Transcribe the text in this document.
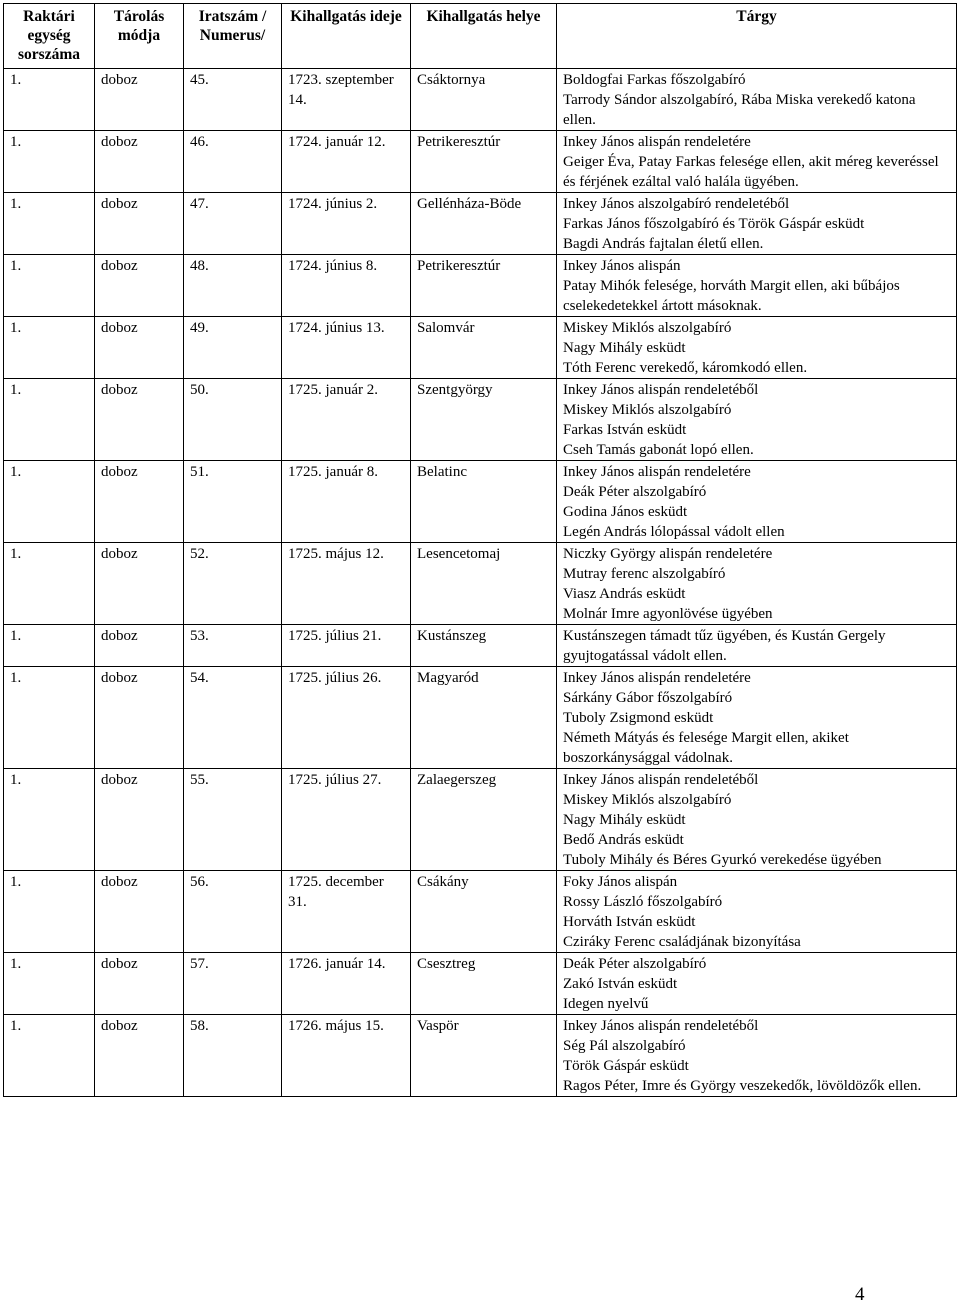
Raktári egység sorszáma	Tárolás módja	Iratszám / Numerus/	Kihallgatás ideje	Kihallgatás helye	Tárgy
1.	doboz	45.	1723. szeptember 14.	Csáktornya	Boldogfai Farkas főszolgabíró
Tarrody Sándor alszolgabíró, Rába Miska verekedő katona ellen.

1.	doboz	46.	1724. január 12.	Petrikeresztúr	Inkey János alispán rendeletére
Geiger Éva, Patay Farkas felesége ellen, akit méreg keveréssel és férjének ezáltal való halála ügyében.

1.	doboz	47.	1724. június 2.	Gellénháza-Böde	Inkey János alszolgabíró rendeletéből
Farkas János főszolgabíró és Török Gáspár esküdt
Bagdi András fajtalan életű ellen.

1.	doboz	48.	1724. június 8.	Petrikeresztúr	Inkey János alispán
Patay Mihók felesége, horváth Margit ellen, aki bűbájos cselekedetekkel ártott másoknak.

1.	doboz	49.	1724. június 13.	Salomvár	Miskey Miklós alszolgabíró
Nagy Mihály esküdt
Tóth Ferenc verekedő, káromkodó ellen.

1.	doboz	50.	1725. január 2.	Szentgyörgy	Inkey János alispán rendeletéből
Miskey Miklós alszolgabíró
Farkas István esküdt
Cseh Tamás gabonát lopó ellen.

1.	doboz	51.	1725. január 8.	Belatinc	Inkey János alispán rendeletére
Deák Péter alszolgabíró
Godina János esküdt
Legén András lólopással vádolt ellen

1.	doboz	52.	1725. május 12.	Lesencetomaj	Niczky György alispán rendeletére
Mutray ferenc alszolgabíró
Viasz András esküdt
Molnár Imre agyonlövése ügyében

1.	doboz	53.	1725. július 21.	Kustánszeg	Kustánszegen támadt tűz ügyében, és Kustán Gergely gyujtogatással vádolt ellen.

1.	doboz	54.	1725. július 26.	Magyaród	Inkey János alispán rendeletére
Sárkány Gábor főszolgabíró
Tuboly Zsigmond esküdt
Németh Mátyás és felesége Margit ellen, akiket boszorkánysággal vádolnak.

1.	doboz	55.	1725. július 27.	Zalaegerszeg	Inkey János alispán rendeletéből
Miskey Miklós alszolgabíró
Nagy Mihály esküdt
Bedő András esküdt
Tuboly Mihály és Béres Gyurkó verekedése ügyében

1.	doboz	56.	1725. december 31.	Csákány	Foky János alispán
Rossy László főszolgabíró
Horváth István esküdt
Cziráky Ferenc családjának bizonyítása

1.	doboz	57.	1726. január 14.	Csesztreg	Deák Péter alszolgabíró
Zakó István esküdt
Idegen nyelvű

1.	doboz	58.	1726. május 15.	Vaspör	Inkey János alispán rendeletéből
Ség Pál alszolgabíró
Török Gáspár esküdt
Ragos Péter, Imre és György veszekedők, lövöldözők ellen.
4
